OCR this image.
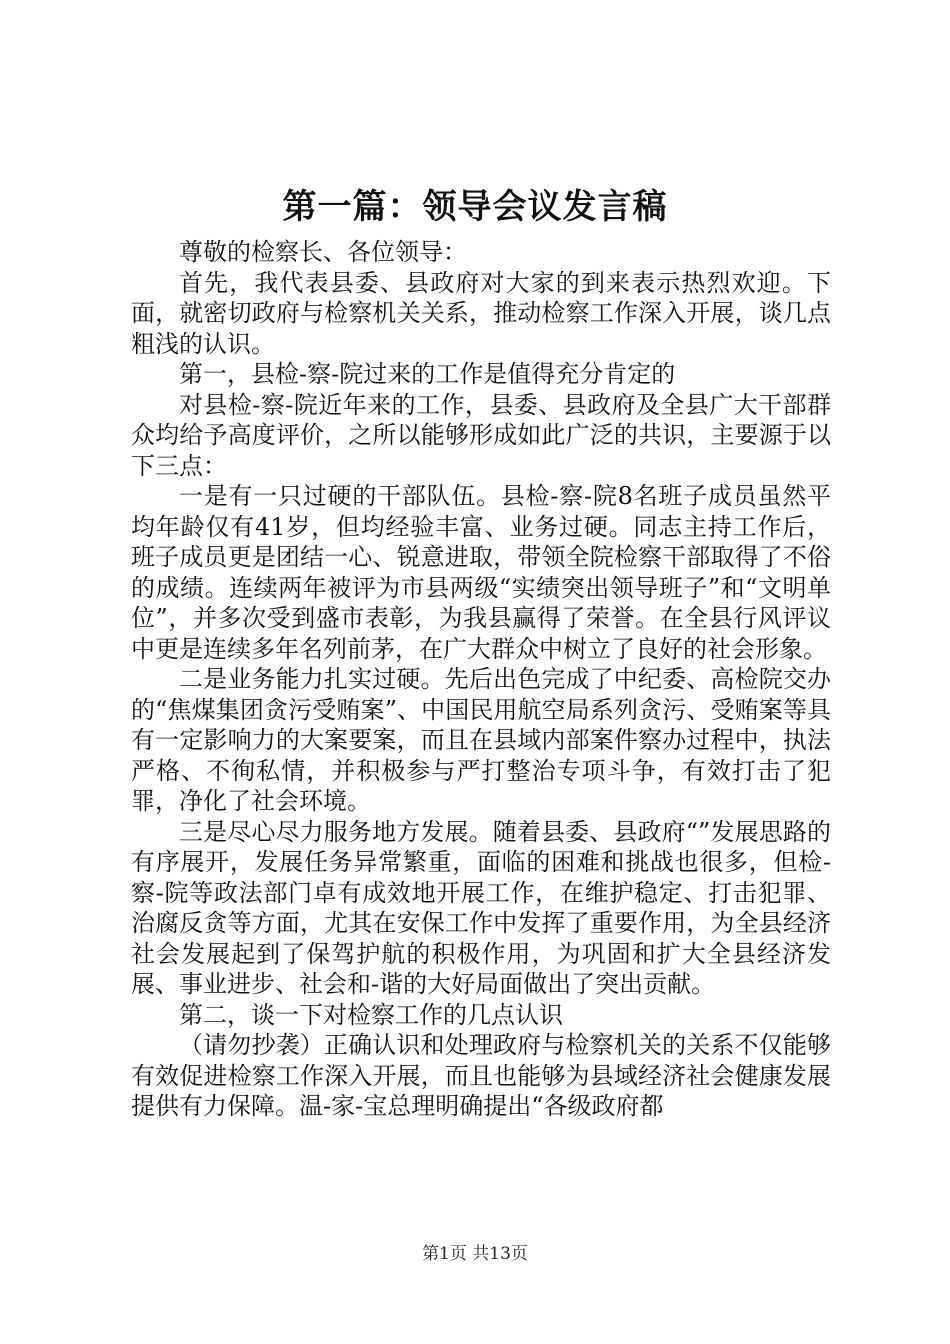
第一篇：领导会议发言稿

尊敬的检察长、各位领导：

首先，我代表县委、县政府对大家的到来表示热烈欢迎。下面，就密切政府与检察机关关系，推动检察工作深入开展，谈几点粗浅的认识。

第一，县检-察-院过来的工作是值得充分肯定的

对县检-察-院近年来的工作，县委、县政府及全县广大干部群众均给予高度评价，之所以能够形成如此广泛的共识，主要源于以下三点：

一是有一只过硬的干部队伍。县检-察-院8名班子成员虽然平均年龄仅有41岁，但均经验丰富、业务过硬。同志主持工作后，班子成员更是团结一心、锐意进取，带领全院检察干部取得了不俗的成绩。连续两年被评为市县两级“实绩突出领导班子”和“文明单位”，并多次受到盛市表彰，为我县赢得了荣誉。在全县行风评议中更是连续多年名列前茅，在广大群众中树立了良好的社会形象。

二是业务能力扎实过硬。先后出色完成了中纪委、高检院交办的“焦煤集团贪污受贿案”、中国民用航空局系列贪污、受贿案等具有一定影响力的大案要案，而且在县域内部案件察办过程中，执法严格、不徇私情，并积极参与严打整治专项斗争，有效打击了犯罪，净化了社会环境。

三是尽心尽力服务地方发展。随着县委、县政府“”发展思路的有序展开，发展任务异常繁重，面临的困难和挑战也很多，但检-察-院等政法部门卓有成效地开展工作，在维护稳定、打击犯罪、治腐反贪等方面，尤其在安保工作中发挥了重要作用，为全县经济社会发展起到了保驾护航的积极作用，为巩固和扩大全县经济发展、事业进步、社会和-谐的大好局面做出了突出贡献。

第二，谈一下对检察工作的几点认识

（请勿抄袭）正确认识和处理政府与检察机关的关系不仅能够有效促进检察工作深入开展，而且也能够为县域经济社会健康发展提供有力保障。温-家-宝总理明确提出“各级政府都

第1页 共13页
